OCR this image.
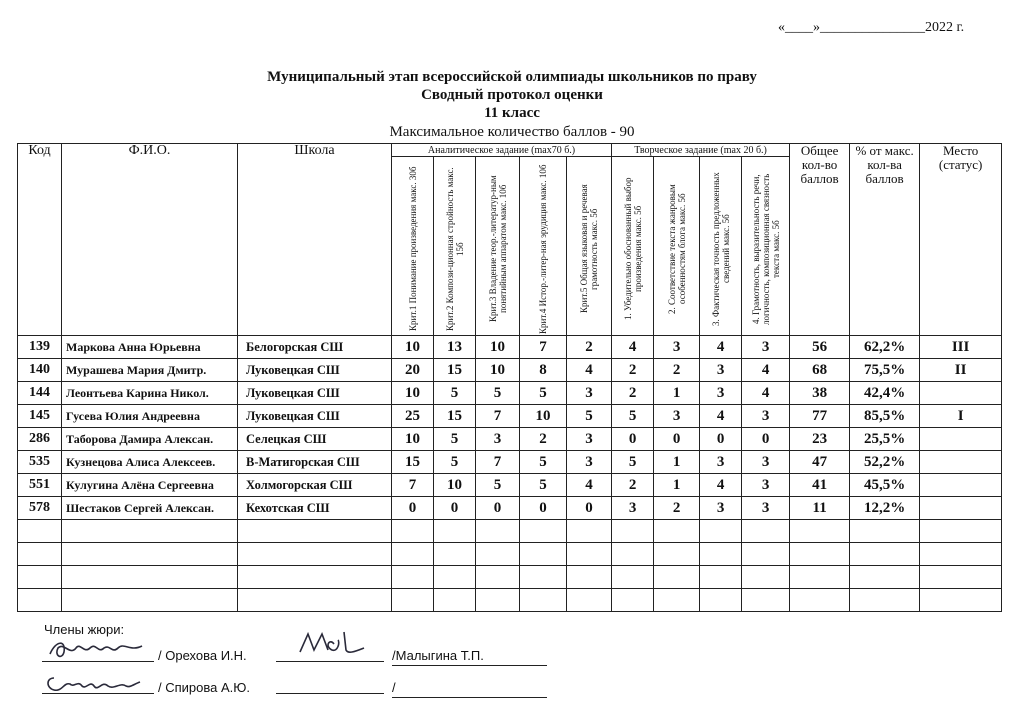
«____»_______________2022 г.
Муниципальный этап всероссийской олимпиады школьников по праву
Сводный протокол оценки
11 класс
Максимальное количество баллов - 90
Код	Ф.И.О.	Школа	Аналитическое задание (max70 б.)					Творческое задание (max 20 б.)				Общее кол-во баллов	% от макс. кол-ва баллов	Место (статус)

			Крит.1 Понимание произведения макс. 30б	Крит.2 Компози-ционная стройность макс. 15б	Крит.3 Владение теор.-литератур-ным понятийным аппаратом макс. 10б	Крит.4 Истор.-литер-ная эрудиция макс. 10б	Крит.5 Общая языковая и речевая грамотность макс. 5б	1. Убедительно обоснованный выбор произведения макс. 5б	2. Соответствие текста жанровым особенностям блога макс. 5б	3. Фактическая точность предложенных сведений макс. 5б	4. Грамотность, выразительность речи, логичность, композиционная связность текста макс. 5б			

139	Маркова Анна Юрьевна	Белогорская СШ	10	13	10	7	2	4	3	4	3	56	62,2%	III
140	Мурашева Мария Дмитр.	Луковецкая СШ	20	15	10	8	4	2	2	3	4	68	75,5%	II
144	Леонтьева Карина Никол.	Луковецкая СШ	10	5	5	5	3	2	1	3	4	38	42,4%	
145	Гусева Юлия Андреевна	Луковецкая СШ	25	15	7	10	5	5	3	4	3	77	85,5%	I
286	Таборова Дамира Алексан.	Селецкая СШ	10	5	3	2	3	0	0	0	0	23	25,5%	
535	Кузнецова Алиса Алексеев.	В-Матигорская СШ	15	5	7	5	3	5	1	3	3	47	52,2%	
551	Кулугина Алёна Сергеевна	Холмогорская СШ	7	10	5	5	4	2	1	4	3	41	45,5%	
578	Шестаков Сергей Алексан.	Кехотская СШ	0	0	0	0	0	3	2	3	3	11	12,2%	

Члены жюри:
/ Орехова И.Н.	/Малыгина Т.П.
/ Спирова А.Ю.	/
